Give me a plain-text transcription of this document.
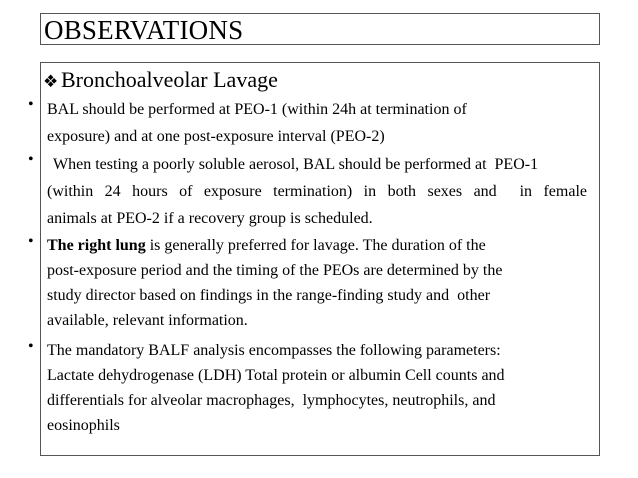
OBSERVATIONS
❖ Bronchoalveolar Lavage
• BAL should be performed at PEO-1 (within 24h at termination of
exposure) and at one post-exposure interval (PEO-2)
•	When testing a poorly soluble aerosol, BAL should be performed at  PEO-1
(within 24 hours of exposure termination) in both sexes and  in female
animals at PEO-2 if a recovery group is scheduled.
• The right lung is generally preferred for lavage. The duration of the
post-exposure period and the timing of the PEOs are determined by the
study director based on findings in the range-finding study and  other
available, relevant information.
• The mandatory BALF analysis encompasses the following parameters:
Lactate dehydrogenase (LDH) Total protein or albumin Cell counts and
differentials for alveolar macrophages,  lymphocytes, neutrophils, and
eosinophils
